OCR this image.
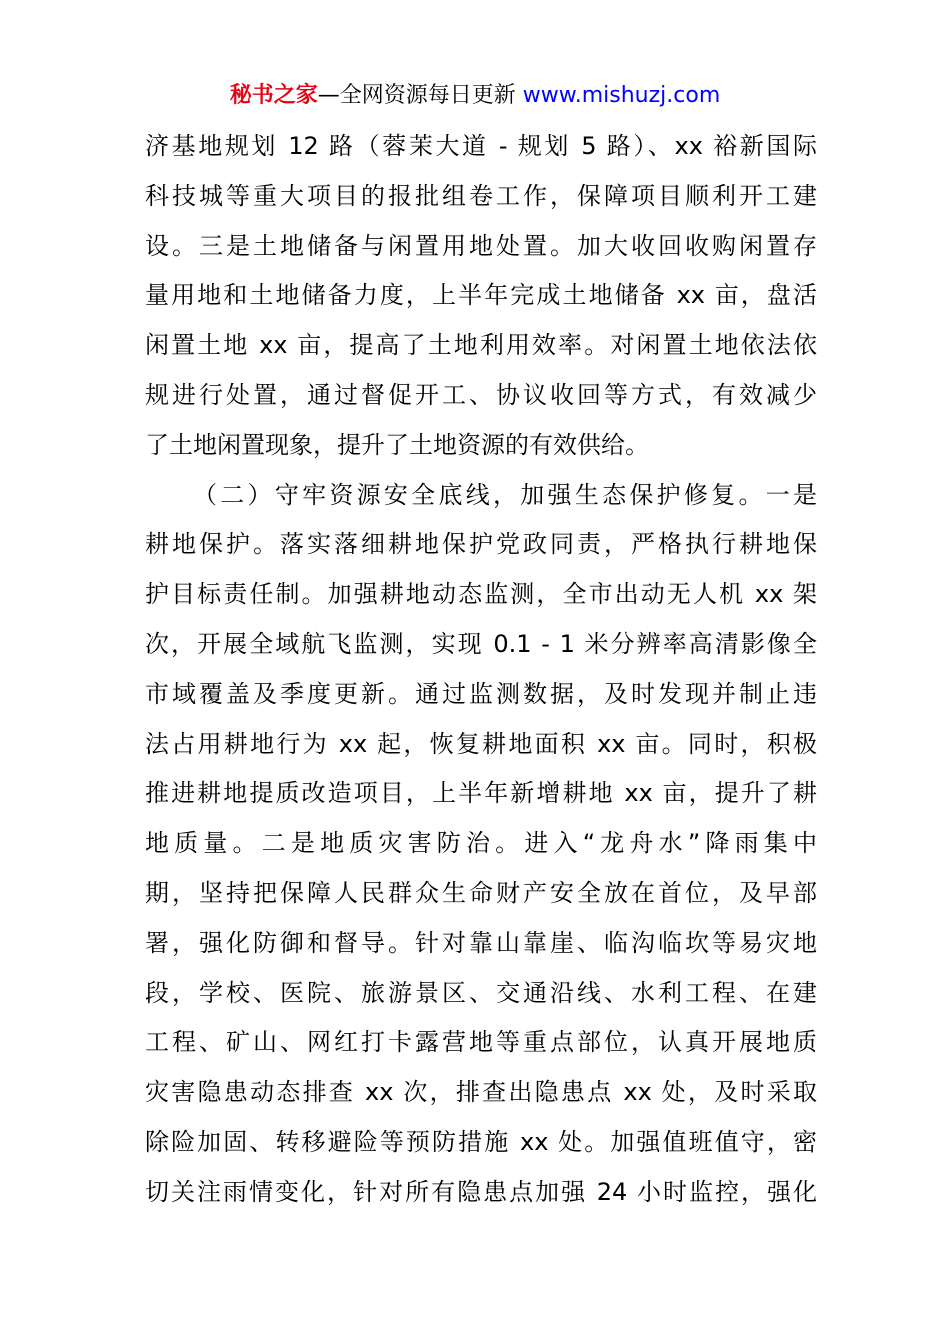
秘书之家—全网资源每日更新 www.mishuzj.com
济基地规划 12 路（蓉茉大道 - 规划 5 路）、xx 裕新国际
科技城等重大项目的报批组卷工作，保障项目顺利开工建
设。三是土地储备与闲置用地处置。加大收回收购闲置存
量用地和土地储备力度，上半年完成土地储备 xx 亩，盘活
闲置土地 xx 亩，提高了土地利用效率。对闲置土地依法依
规进行处置，通过督促开工、协议收回等方式，有效减少
了土地闲置现象，提升了土地资源的有效供给。
（二）守牢资源安全底线，加强生态保护修复。一是
耕地保护。落实落细耕地保护党政同责，严格执行耕地保
护目标责任制。加强耕地动态监测，全市出动无人机 xx 架
次，开展全域航飞监测，实现 0.1 - 1 米分辨率高清影像全
市域覆盖及季度更新。通过监测数据，及时发现并制止违
法占用耕地行为 xx 起，恢复耕地面积 xx 亩。同时，积极
推进耕地提质改造项目，上半年新增耕地 xx 亩，提升了耕
地质量。二是地质灾害防治。进入“龙舟水”降雨集中
期，坚持把保障人民群众生命财产安全放在首位，及早部
署，强化防御和督导。针对靠山靠崖、临沟临坎等易灾地
段，学校、医院、旅游景区、交通沿线、水利工程、在建
工程、矿山、网红打卡露营地等重点部位，认真开展地质
灾害隐患动态排查 xx 次，排查出隐患点 xx 处，及时采取
除险加固、转移避险等预防措施 xx 处。加强值班值守，密
切关注雨情变化，针对所有隐患点加强 24 小时监控，强化
